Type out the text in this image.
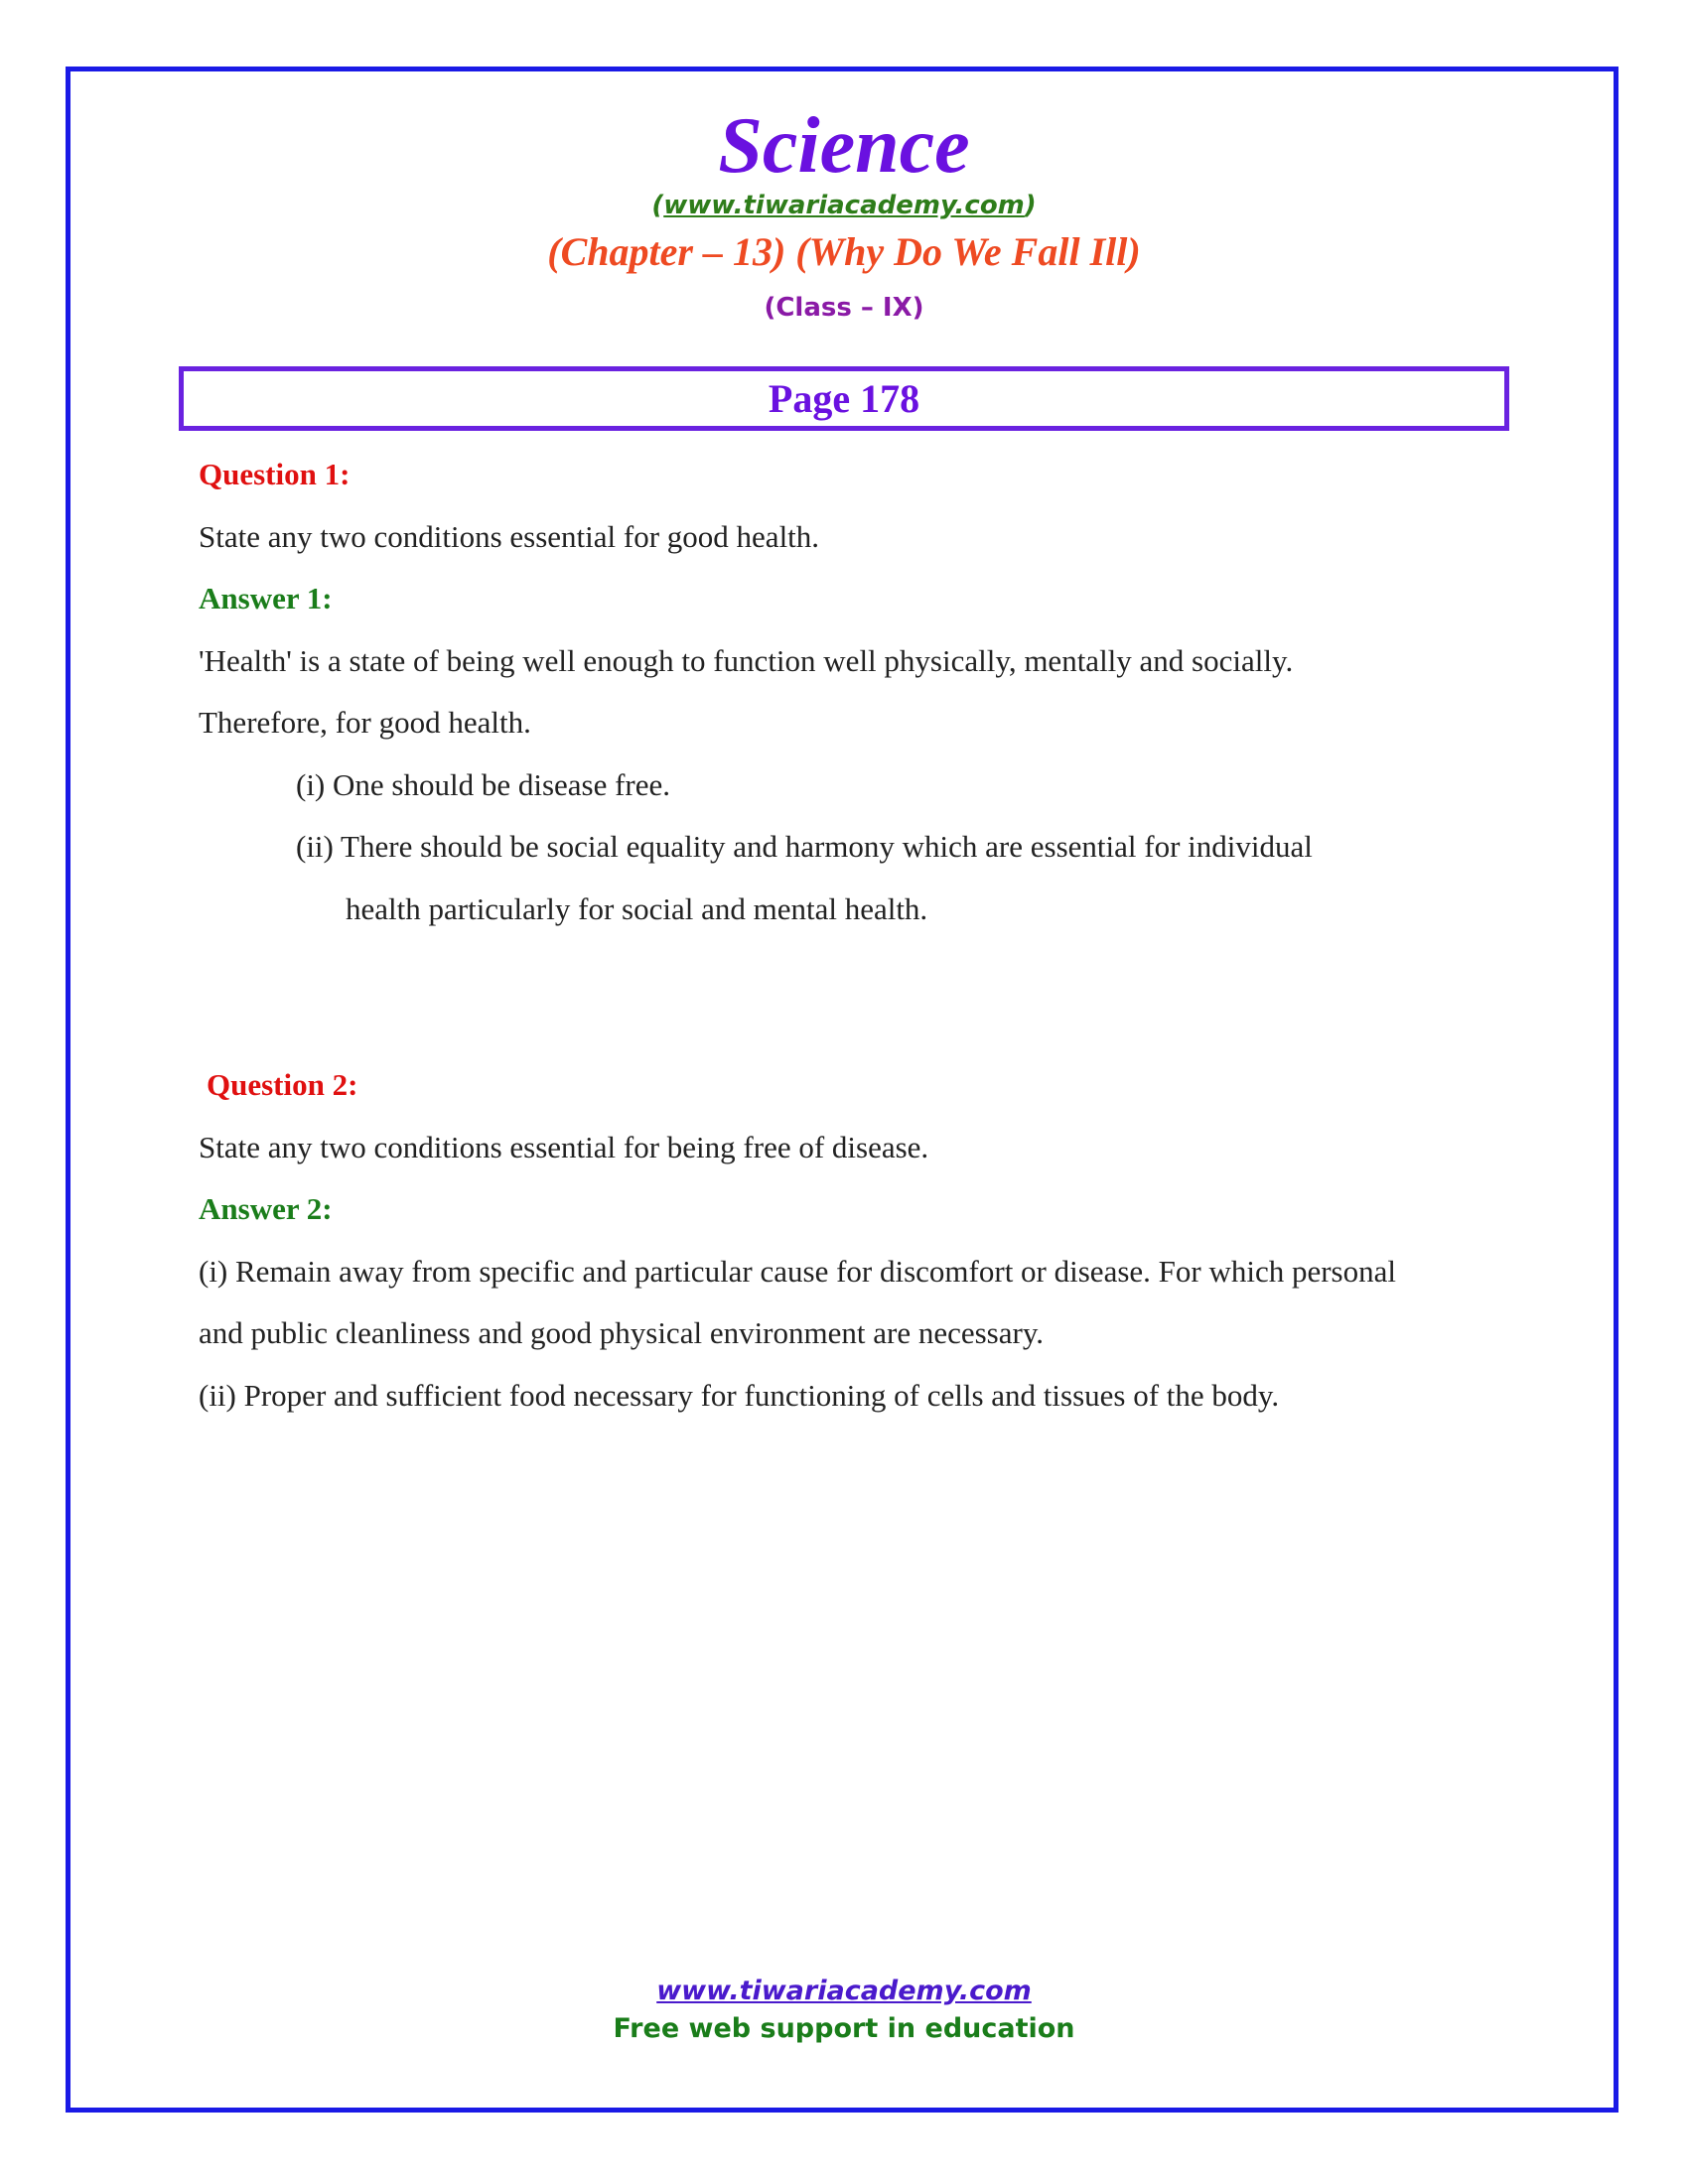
Science
(www.tiwariacademy.com)
(Chapter – 13) (Why Do We Fall Ill)
(Class – IX)
Page 178
Question 1:
State any two conditions essential for good health.
Answer 1:
'Health' is a state of being well enough to function well physically, mentally and socially.
Therefore, for good health.
(i) One should be disease free.
(ii) There should be social equality and harmony which are essential for individual
health particularly for social and mental health.
Question 2:
State any two conditions essential for being free of disease.
Answer 2:
(i) Remain away from specific and particular cause for discomfort or disease. For which personal
and public cleanliness and good physical environment are necessary.
(ii) Proper and sufficient food necessary for functioning of cells and tissues of the body.
www.tiwariacademy.com
Free web support in education
